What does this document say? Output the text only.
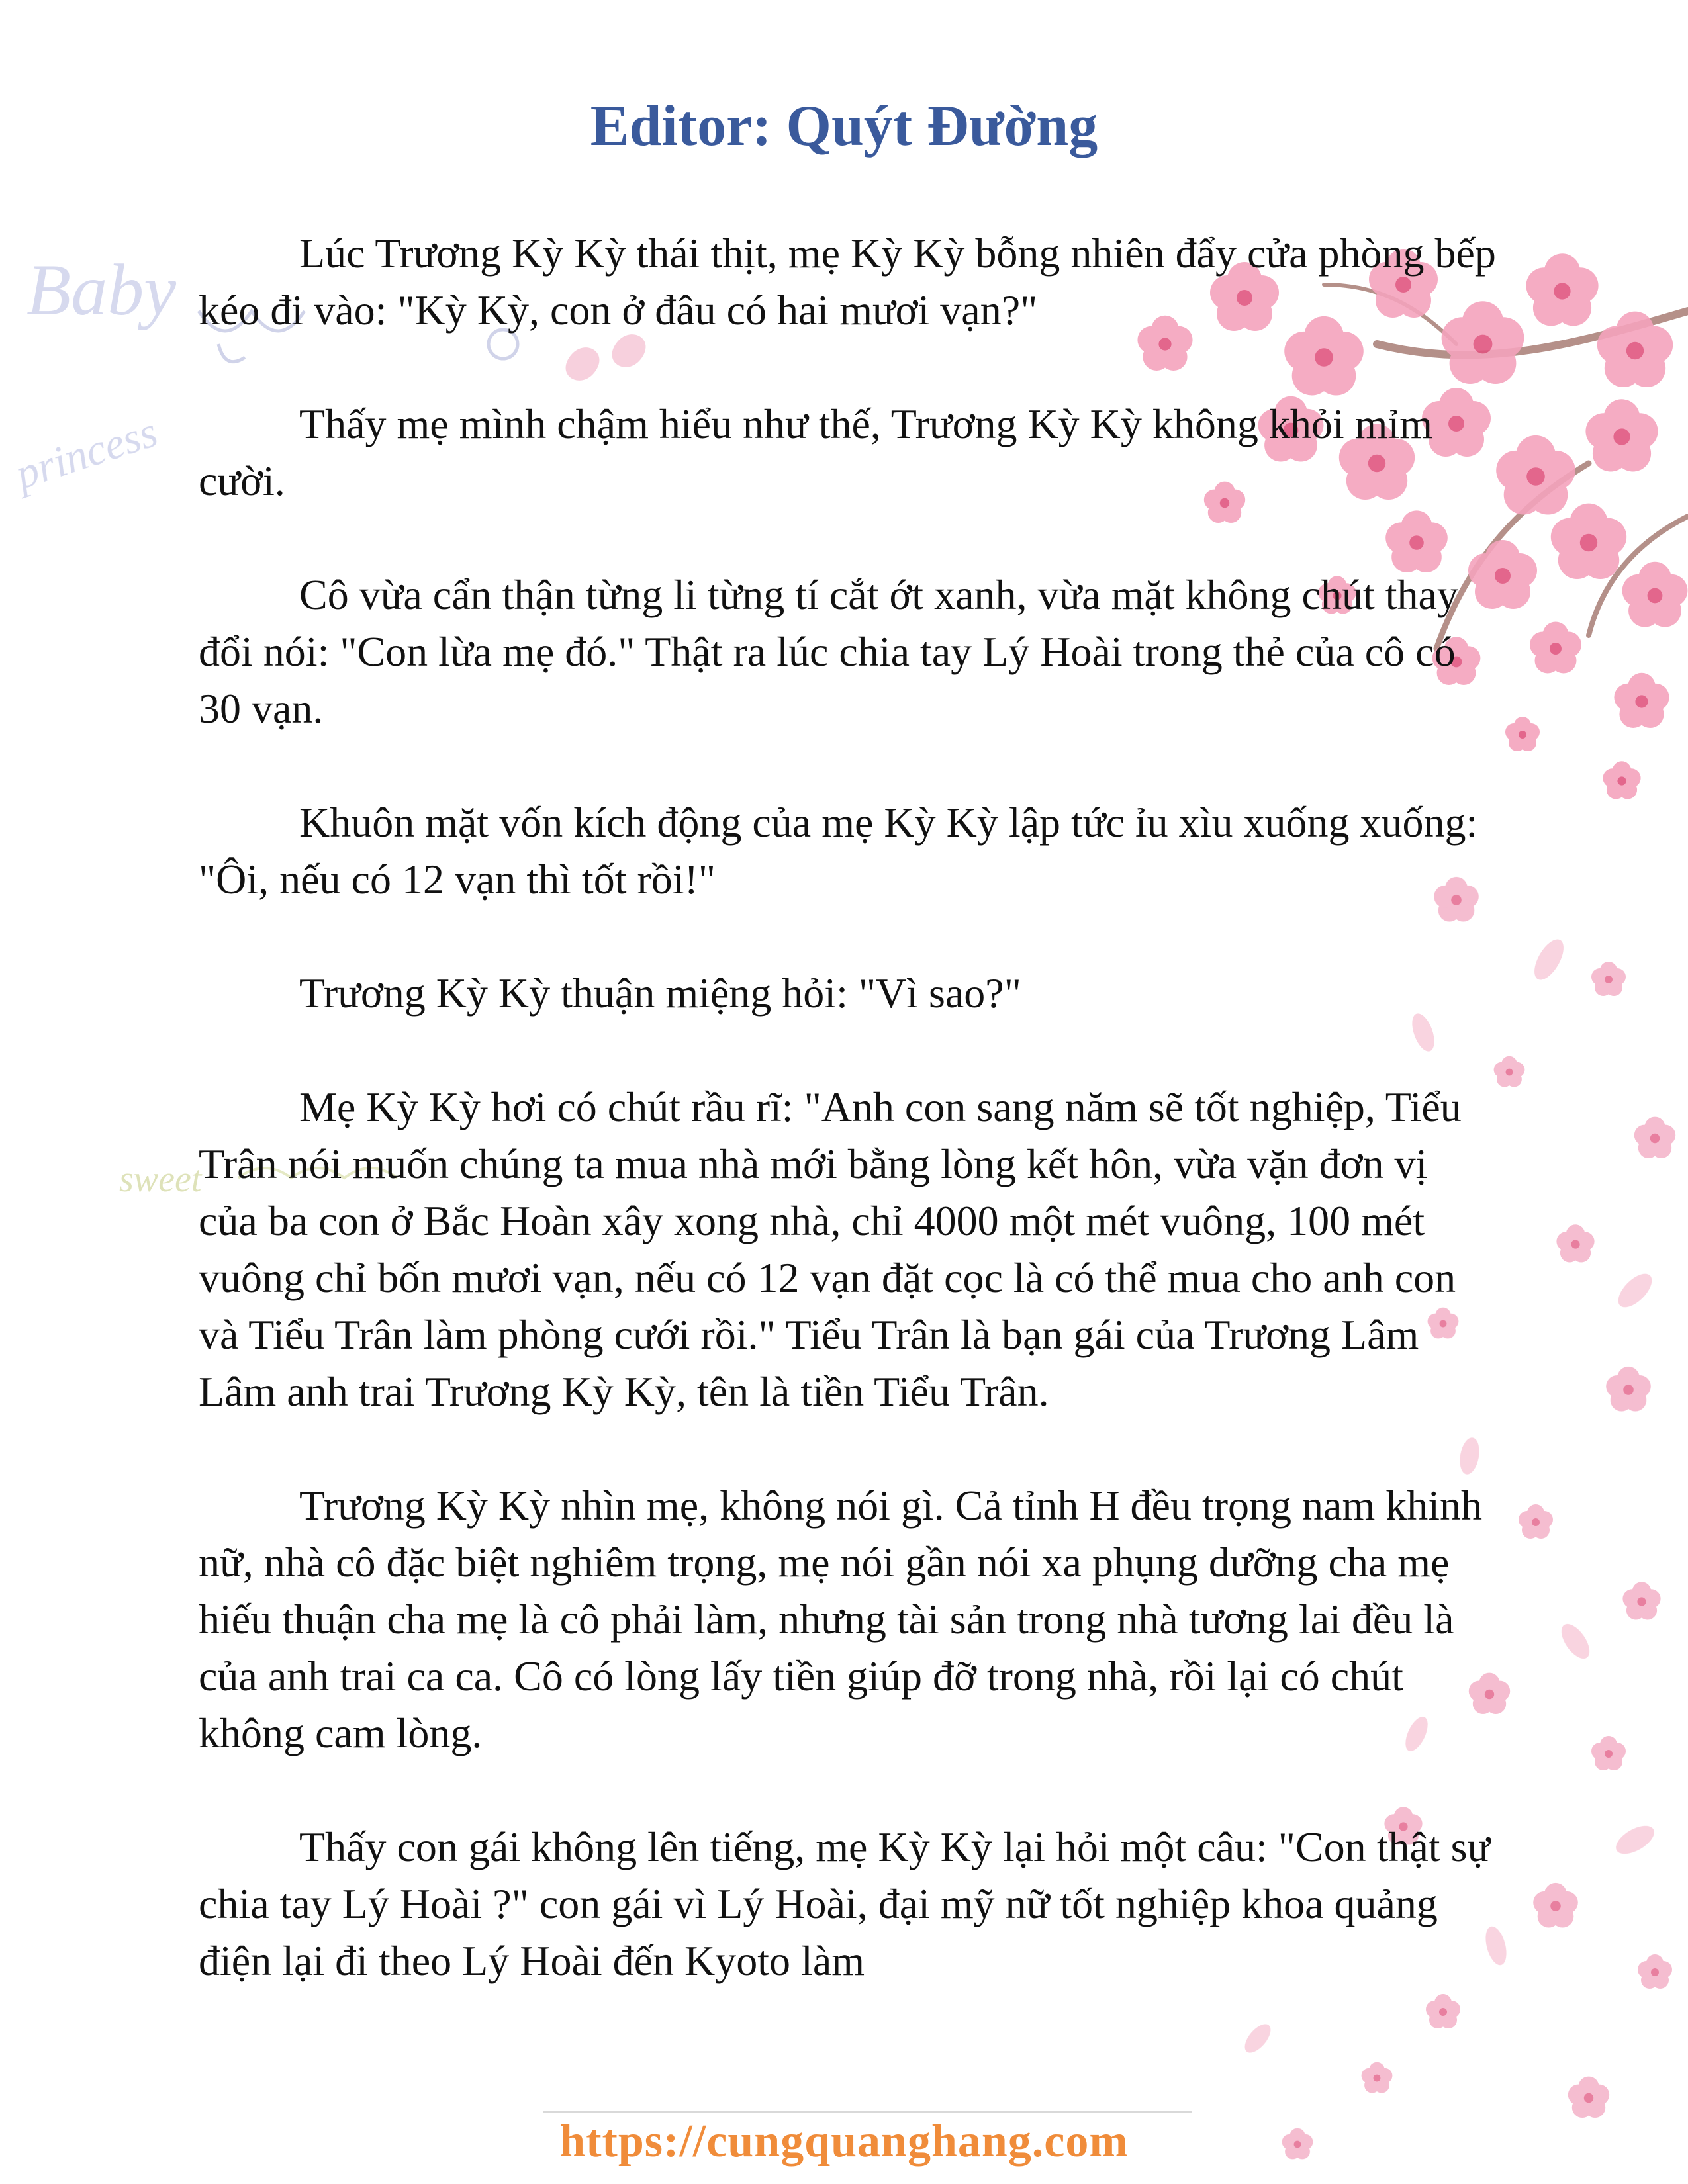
Baby
princess
sweet
Editor: Quýt Đường

Lúc Trương Kỳ Kỳ thái thịt, mẹ Kỳ Kỳ bỗng nhiên đẩy cửa phòng bếp kéo đi vào: "Kỳ Kỳ, con ở đâu có hai mươi vạn?"

Thấy mẹ mình chậm hiểu như thế, Trương Kỳ Kỳ không khỏi mỉm cười.

Cô vừa cẩn thận từng li từng tí cắt ớt xanh, vừa mặt không chút thay đổi nói: "Con lừa mẹ đó." Thật ra lúc chia tay Lý Hoài trong thẻ của cô có 30 vạn.

Khuôn mặt vốn kích động của mẹ Kỳ Kỳ lập tức ỉu xìu xuống xuống: "Ôi, nếu có 12 vạn thì tốt rồi!"

Trương Kỳ Kỳ thuận miệng hỏi: "Vì sao?"

Mẹ Kỳ Kỳ hơi có chút rầu rĩ: "Anh con sang năm sẽ tốt nghiệp, Tiểu Trân nói muốn chúng ta mua nhà mới bằng lòng kết hôn, vừa vặn đơn vị của ba con ở Bắc Hoàn xây xong nhà, chỉ 4000 một mét vuông, 100 mét vuông chỉ bốn mươi vạn, nếu có 12 vạn đặt cọc là có thể mua cho anh con và Tiểu Trân làm phòng cưới rồi." Tiểu Trân là bạn gái của Trương Lâm Lâm anh trai Trương Kỳ Kỳ, tên là tiền Tiểu Trân.

Trương Kỳ Kỳ nhìn mẹ, không nói gì. Cả tỉnh H đều trọng nam khinh nữ, nhà cô đặc biệt nghiêm trọng, mẹ nói gần nói xa phụng dưỡng cha mẹ hiếu thuận cha mẹ là cô phải làm, nhưng tài sản trong nhà tương lai đều là của anh trai ca ca. Cô có lòng lấy tiền giúp đỡ trong nhà, rồi lại có chút không cam lòng.

Thấy con gái không lên tiếng, mẹ Kỳ Kỳ lại hỏi một câu: "Con thật sự chia tay Lý Hoài ?" con gái vì Lý Hoài, đại mỹ nữ tốt nghiệp khoa quảng điện lại đi theo Lý Hoài đến Kyoto làm

https://cungquanghang.com
